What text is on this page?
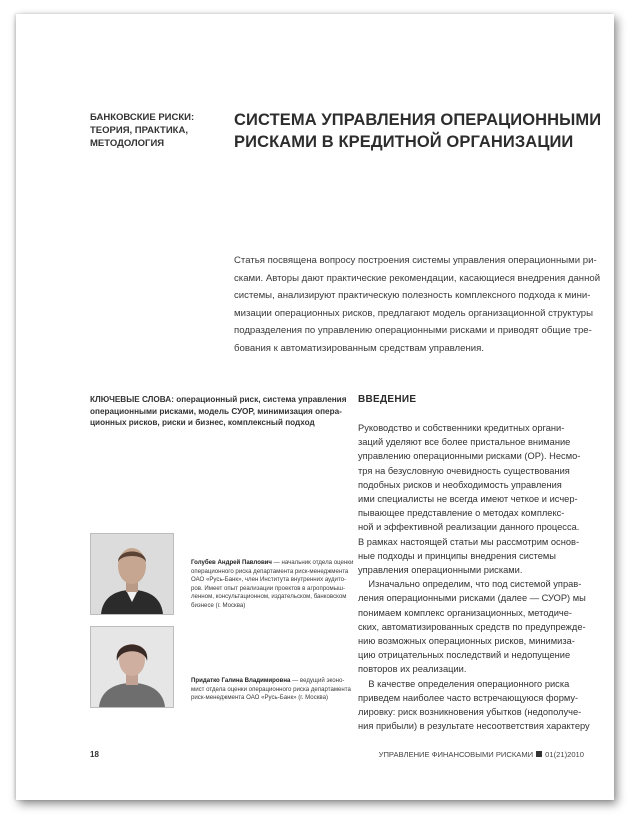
БАНКОВСКИЕ РИСКИ:
ТЕОРИЯ, ПРАКТИКА,
МЕТОДОЛОГИЯ
СИСТЕМА УПРАВЛЕНИЯ ОПЕРАЦИОННЫМИ
РИСКАМИ В КРЕДИТНОЙ ОРГАНИЗАЦИИ
Статья посвящена вопросу построения системы управления операционными ри-
сками. Авторы дают практические рекомендации, касающиеся внедрения данной
системы, анализируют практическую полезность комплексного подхода к мини-
мизации операционных рисков, предлагают модель организационной структуры
подразделения по управлению операционными рисками и приводят общие тре-
бования к автоматизированным средствам управления.
КЛЮЧЕВЫЕ СЛОВА: операционный риск, система управления
операционными рисками, модель СУОР, минимизация опера-
ционных рисков, риски и бизнес, комплексный подход
Голубев Андрей Павлович — начальник отдела оценки
операционного риска департамента риск-менеджмента
ОАО «Русь-Банк», член Института внутренних аудито-
ров. Имеет опыт реализации проектов в агропромыш-
ленном, консультационном, издательском, банковском
бизнесе (г. Москва)
Придатко Галина Владимировна — ведущий эконо-
мист отдела оценки операционного риска департамента
риск-менеджмента ОАО «Русь-Банк» (г. Москва)
ВВЕДЕНИЕ
Руководство и собственники кредитных органи-
заций уделяют все более пристальное внимание
управлению операционными рисками (ОР). Несмо-
тря на безусловную очевидность существования
подобных рисков и необходимость управления
ими специалисты не всегда имеют четкое и исчер-
пывающее представление о методах комплекс-
ной и эффективной реализации данного процесса.
В рамках настоящей статьи мы рассмотрим основ-
ные подходы и принципы внедрения системы
управления операционными рисками.
Изначально определим, что под системой управ-
ления операционными рисками (далее — СУОР) мы
понимаем комплекс организационных, методиче-
ских, автоматизированных средств по предупрежде-
нию возможных операционных рисков, минимиза-
цию отрицательных последствий и недопущение
повторов их реализации.
В качестве определения операционного риска
приведем наиболее часто встречающуюся форму-
лировку: риск возникновения убытков (недополуче-
ния прибыли) в результате несоответствия характеру
18	УПРАВЛЕНИЕ ФИНАНСОВЫМИ РИСКАМИ 01(21)2010
